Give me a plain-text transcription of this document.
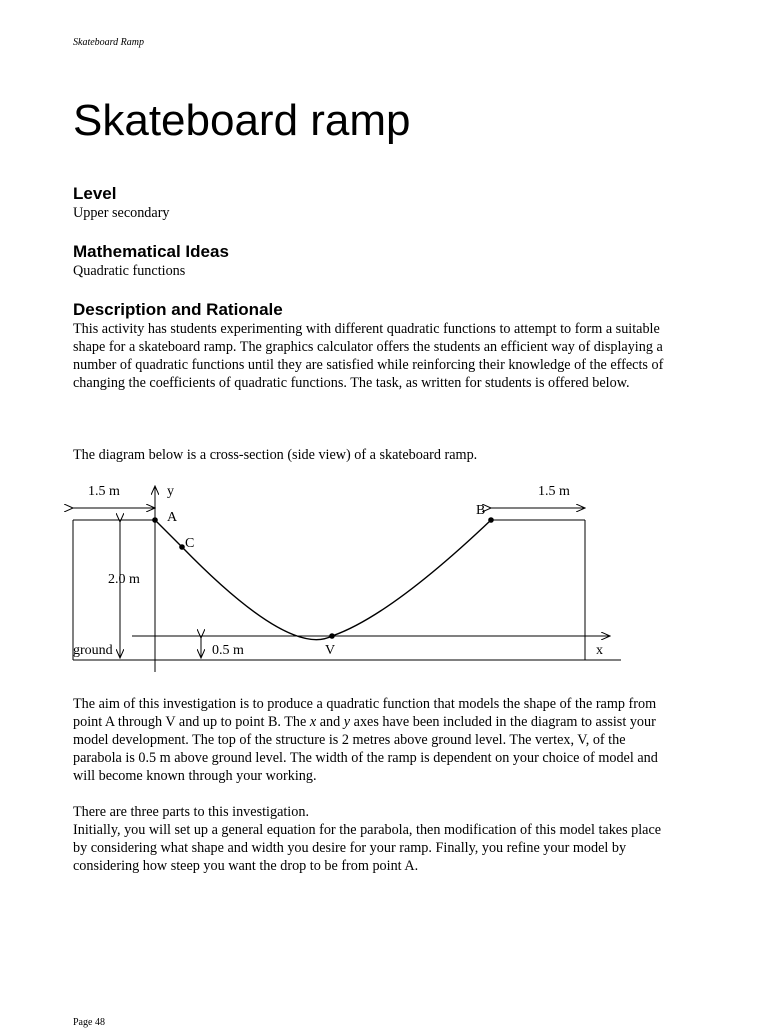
Skateboard Ramp
Skateboard ramp
Level

Upper secondary

Mathematical Ideas

Quadratic functions

Description and Rationale

This activity has students experimenting with different quadratic functions to attempt to form a suitable shape for a skateboard ramp. The graphics calculator offers the students an efficient way of displaying a number of quadratic functions until they are satisfied while reinforcing their knowledge of the effects of changing the coefficients of quadratic functions. The task, as written for students is offered below.

The diagram below is a cross-section (side view) of a skateboard ramp.

1.5 m	1.5 m
y
A	B
C
2.0 m
ground	0.5 m	V	x

The aim of this investigation is to produce a quadratic function that models the shape of the ramp from point A through V and up to point B. The x and y axes have been included in the diagram to assist your model development. The top of the structure is 2 metres above ground level. The vertex, V, of the parabola is 0.5 m above ground level. The width of the ramp is dependent on your choice of model and will become known through your working.

There are three parts to this investigation.

Initially, you will set up a general equation for the parabola, then modification of this model takes place by considering what shape and width you desire for your ramp. Finally, you refine your model by considering how steep you want the drop to be from point A.

Page 48
